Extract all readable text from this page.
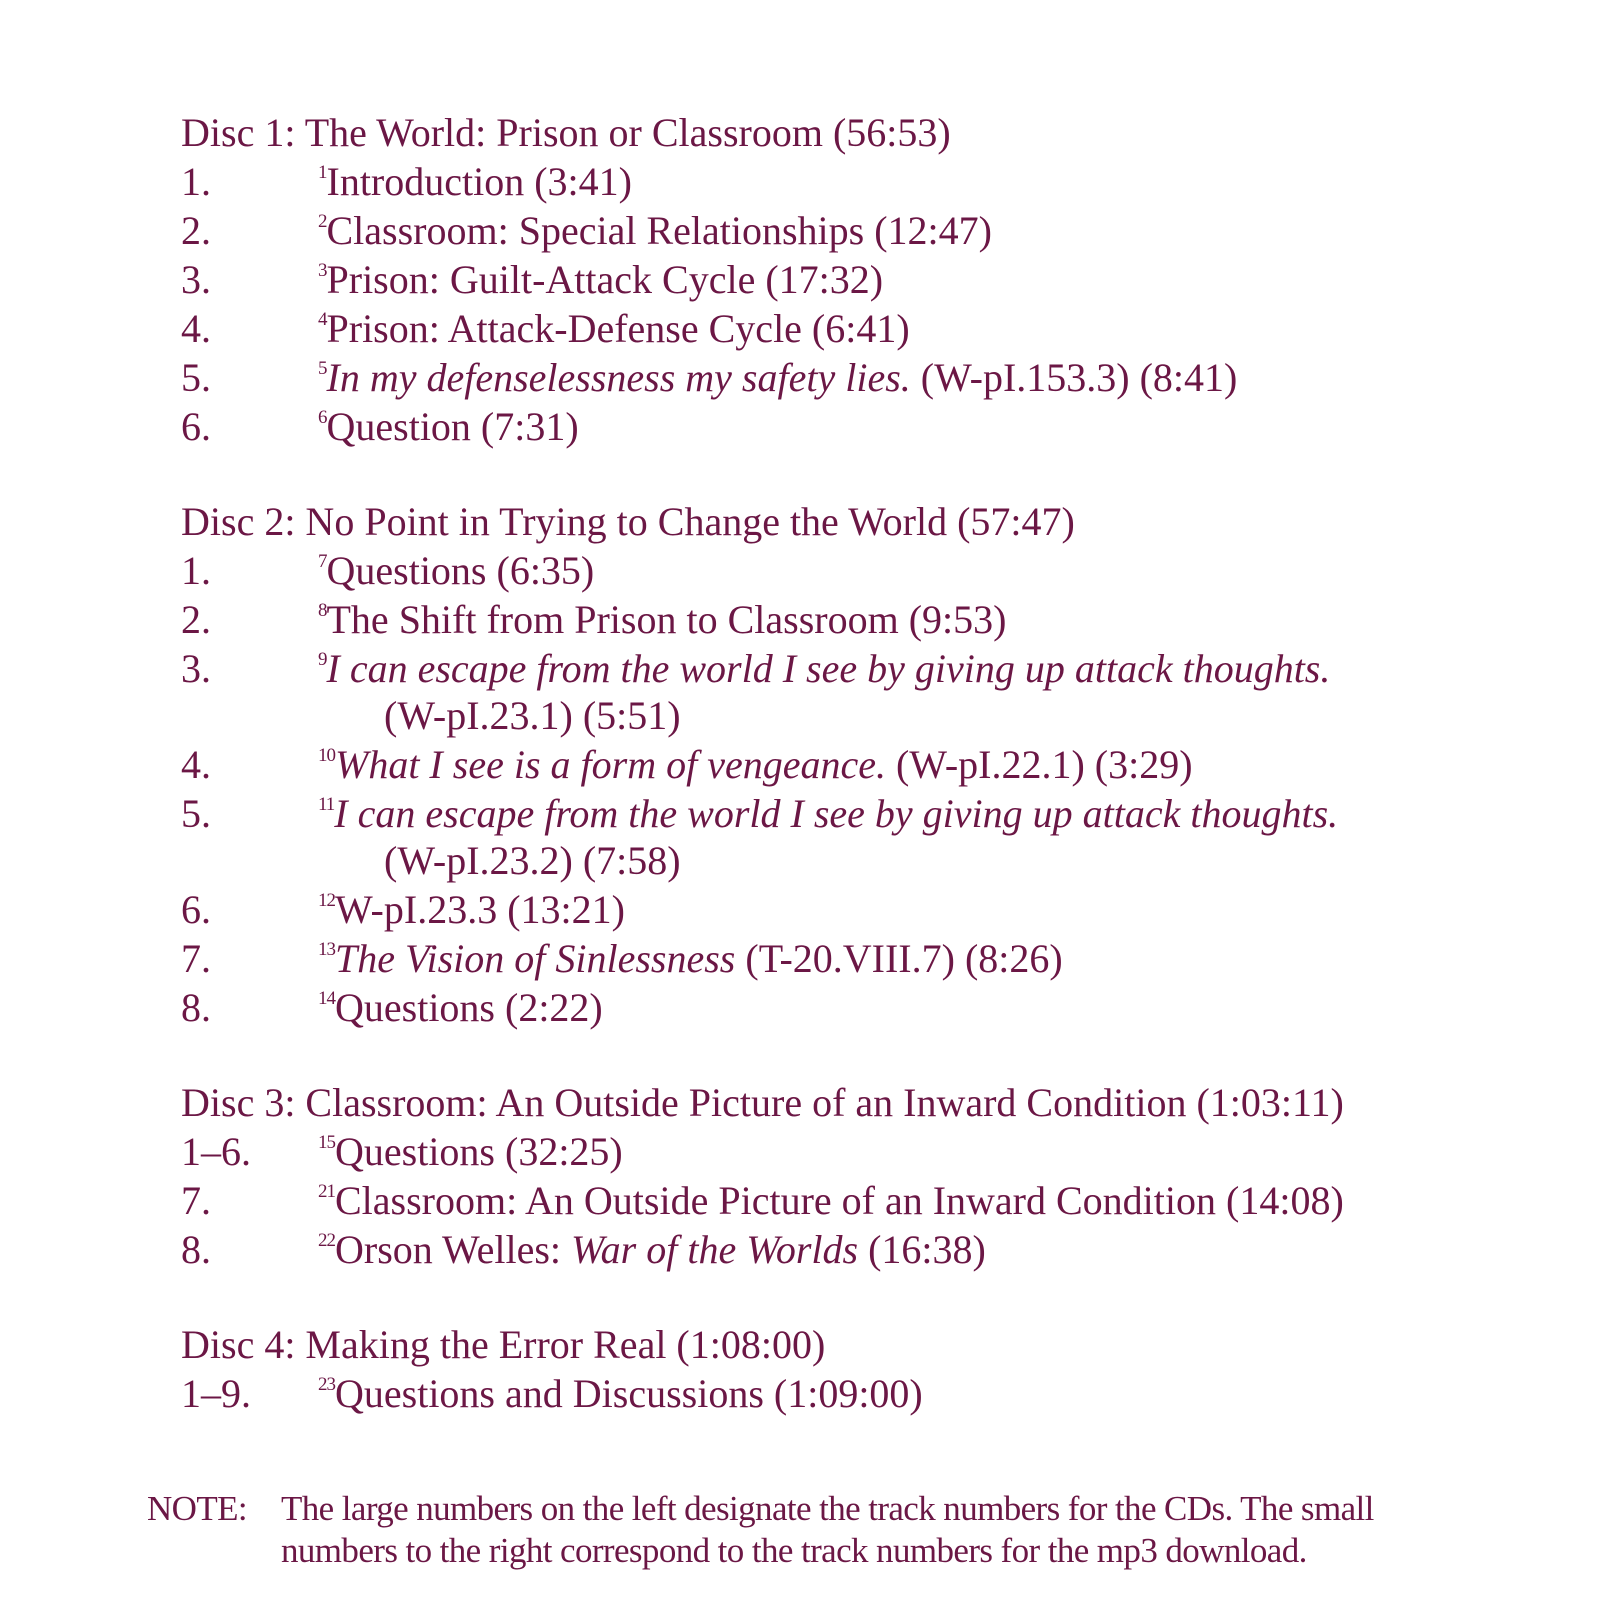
Disc 1: The World: Prison or Classroom (56:53)
1.	$^1$Introduction (3:41)
2.	$^2$Classroom: Special Relationships (12:47)
3.	$^3$Prison: Guilt-Attack Cycle (17:32)
4.	$^4$Prison: Attack-Defense Cycle (6:41)
5.	$^5$In my defenselessness my safety lies. (W-pI.153.3) (8:41)
6.	$^6$Question (7:31)
Disc 2: No Point in Trying to Change the World (57:47)
1.	$^7$Questions (6:35)
2.	$^8$The Shift from Prison to Classroom (9:53)
3.	$^9$I can escape from the world I see by giving up attack thoughts.
(W-pI.23.1) (5:51)
4.	$^{10}$What I see is a form of vengeance. (W-pI.22.1) (3:29)
5.	$^{11}$I can escape from the world I see by giving up attack thoughts.
(W-pI.23.2) (7:58)
6.	$^{12}$W-pI.23.3 (13:21)
7.	$^{13}$The Vision of Sinlessness (T-20.VIII.7) (8:26)
8.	$^{14}$Questions (2:22)
Disc 3: Classroom: An Outside Picture of an Inward Condition (1:03:11)
1–6.	$^{15}$Questions (32:25)
7.	$^{21}$Classroom: An Outside Picture of an Inward Condition (14:08)
8.	$^{22}$Orson Welles: War of the Worlds (16:38)
Disc 4: Making the Error Real (1:08:00)
1–9.	$^{23}$Questions and Discussions (1:09:00)
NOTE: The large numbers on the left designate the track numbers for the CDs. The small numbers to the right correspond to the track numbers for the mp3 download.
